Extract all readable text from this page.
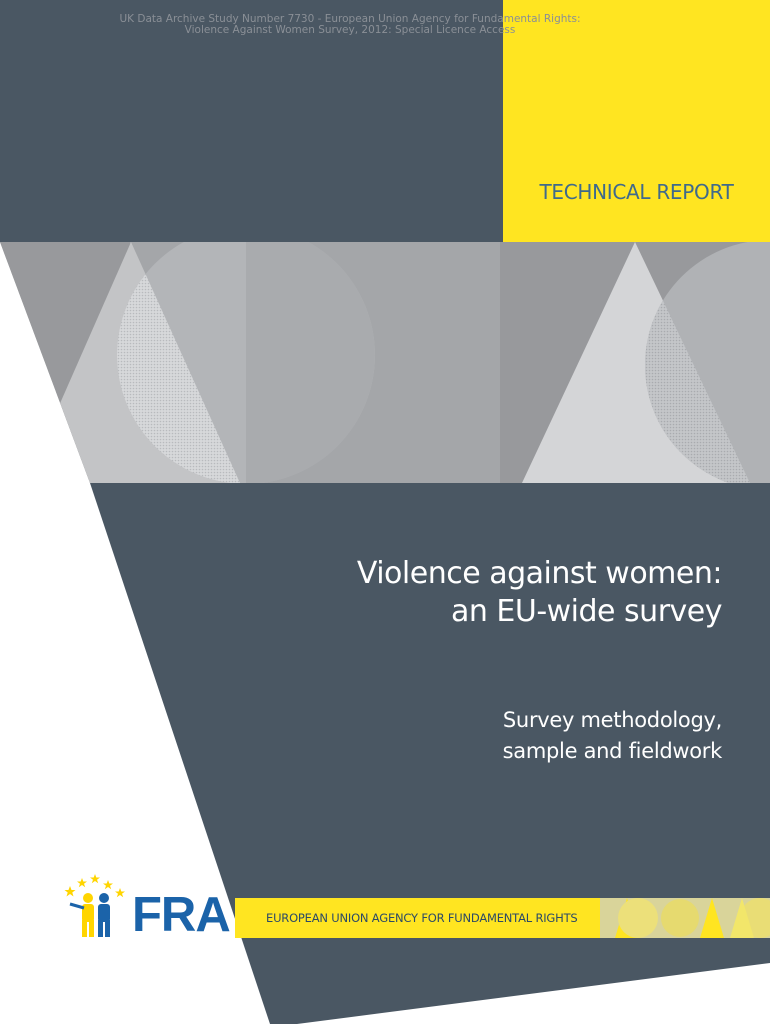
UK Data Archive Study Number 7730 - European Union Agency for Fundamental Rights:
Violence Against Women Survey, 2012: Special Licence Access
TECHNICAL REPORT
Violence against women:
an EU-wide survey
Survey methodology,
sample and fieldwork
FRA	EUROPEAN UNION AGENCY FOR FUNDAMENTAL RIGHTS
